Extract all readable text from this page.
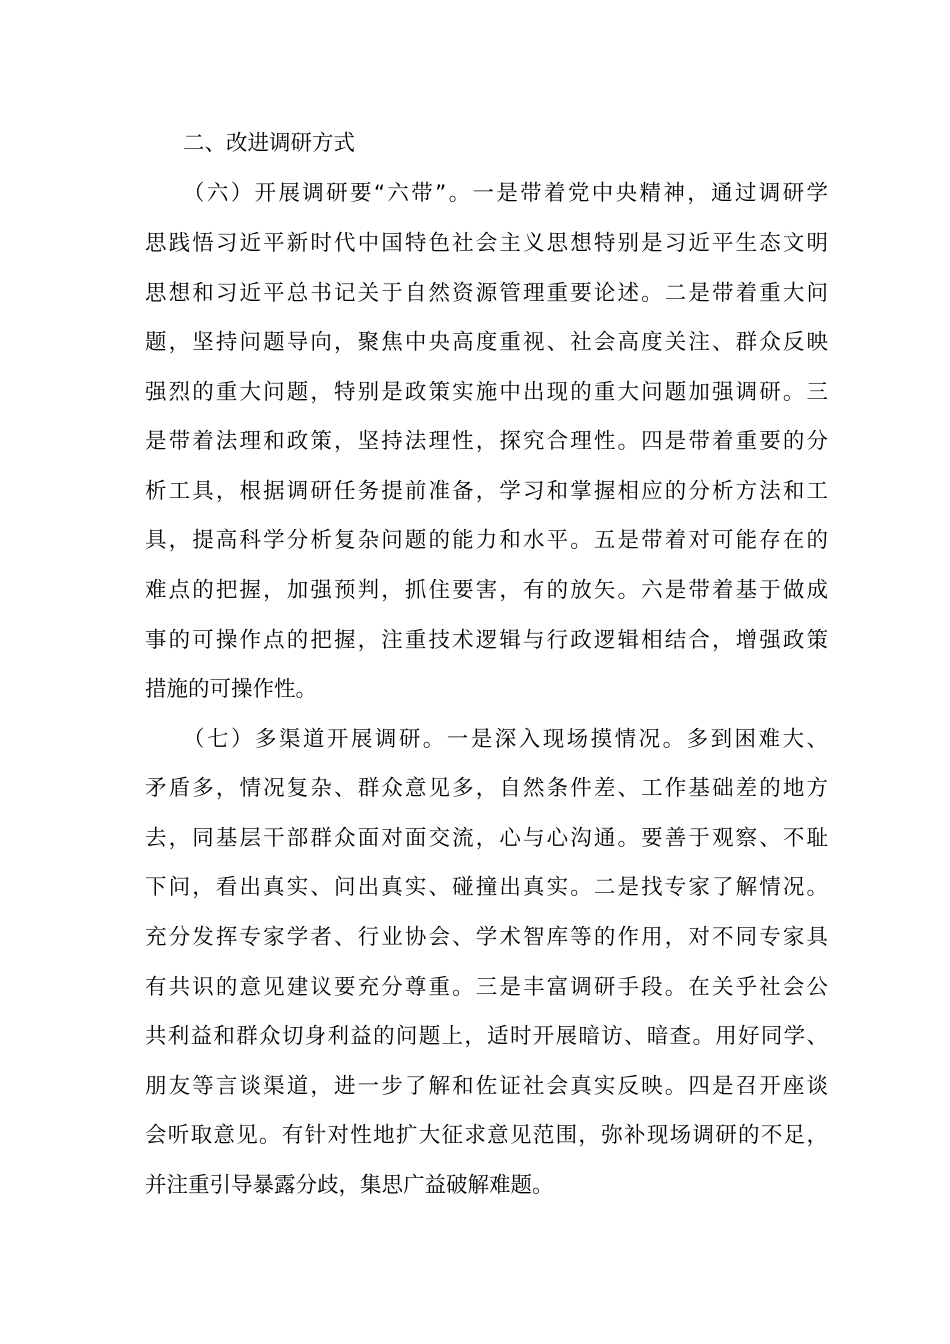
二、改进调研方式
（六）开展调研要“六带”。一是带着党中央精神，通过调研学
思践悟习近平新时代中国特色社会主义思想特别是习近平生态文明
思想和习近平总书记关于自然资源管理重要论述。二是带着重大问
题，坚持问题导向，聚焦中央高度重视、社会高度关注、群众反映
强烈的重大问题，特别是政策实施中出现的重大问题加强调研。三
是带着法理和政策，坚持法理性，探究合理性。四是带着重要的分
析工具，根据调研任务提前准备，学习和掌握相应的分析方法和工
具，提高科学分析复杂问题的能力和水平。五是带着对可能存在的
难点的把握，加强预判，抓住要害，有的放矢。六是带着基于做成
事的可操作点的把握，注重技术逻辑与行政逻辑相结合，增强政策
措施的可操作性。
（七）多渠道开展调研。一是深入现场摸情况。多到困难大、
矛盾多，情况复杂、群众意见多，自然条件差、工作基础差的地方
去，同基层干部群众面对面交流，心与心沟通。要善于观察、不耻
下问，看出真实、问出真实、碰撞出真实。二是找专家了解情况。
充分发挥专家学者、行业协会、学术智库等的作用，对不同专家具
有共识的意见建议要充分尊重。三是丰富调研手段。在关乎社会公
共利益和群众切身利益的问题上，适时开展暗访、暗查。用好同学、
朋友等言谈渠道，进一步了解和佐证社会真实反映。四是召开座谈
会听取意见。有针对性地扩大征求意见范围，弥补现场调研的不足，
并注重引导暴露分歧，集思广益破解难题。
